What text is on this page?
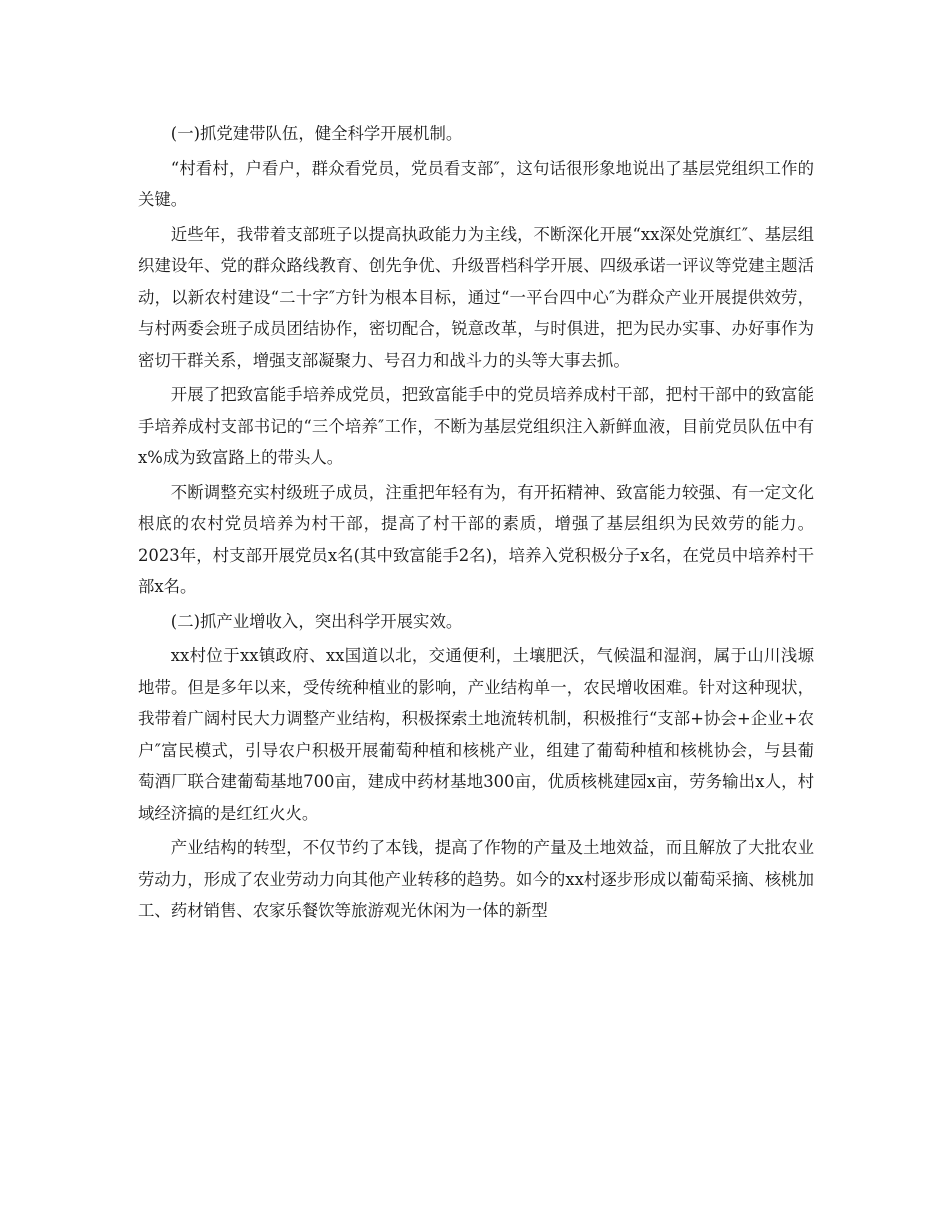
(一)抓党建带队伍，健全科学开展机制。

“村看村，户看户，群众看党员，党员看支部″，这句话很形象地说出了基层党组织工作的关键。

近些年，我带着支部班子以提高执政能力为主线，不断深化开展“xx深处党旗红″、基层组织建设年、党的群众路线教育、创先争优、升级晋档科学开展、四级承诺一评议等党建主题活动，以新农村建设“二十字″方针为根本目标，通过“一平台四中心″为群众产业开展提供效劳，与村两委会班子成员团结协作，密切配合，锐意改革，与时俱进，把为民办实事、办好事作为密切干群关系，增强支部凝聚力、号召力和战斗力的头等大事去抓。

开展了把致富能手培养成党员，把致富能手中的党员培养成村干部，把村干部中的致富能手培养成村支部书记的“三个培养″工作，不断为基层党组织注入新鲜血液，目前党员队伍中有x%成为致富路上的带头人。

不断调整充实村级班子成员，注重把年轻有为，有开拓精神、致富能力较强、有一定文化根底的农村党员培养为村干部，提高了村干部的素质，增强了基层组织为民效劳的能力。2023年，村支部开展党员x名(其中致富能手2名)，培养入党积极分子x名，在党员中培养村干部x名。

(二)抓产业增收入，突出科学开展实效。

xx村位于xx镇政府、xx国道以北，交通便利，土壤肥沃，气候温和湿润，属于山川浅塬地带。但是多年以来，受传统种植业的影响，产业结构单一，农民增收困难。针对这种现状，我带着广阔村民大力调整产业结构，积极探索土地流转机制，积极推行“支部+协会+企业+农户″富民模式，引导农户积极开展葡萄种植和核桃产业，组建了葡萄种植和核桃协会，与县葡萄酒厂联合建葡萄基地700亩，建成中药材基地300亩，优质核桃建园x亩，劳务输出x人，村域经济搞的是红红火火。

产业结构的转型，不仅节约了本钱，提高了作物的产量及土地效益，而且解放了大批农业劳动力，形成了农业劳动力向其他产业转移的趋势。如今的xx村逐步形成以葡萄采摘、核桃加工、药材销售、农家乐餐饮等旅游观光休闲为一体的新型
